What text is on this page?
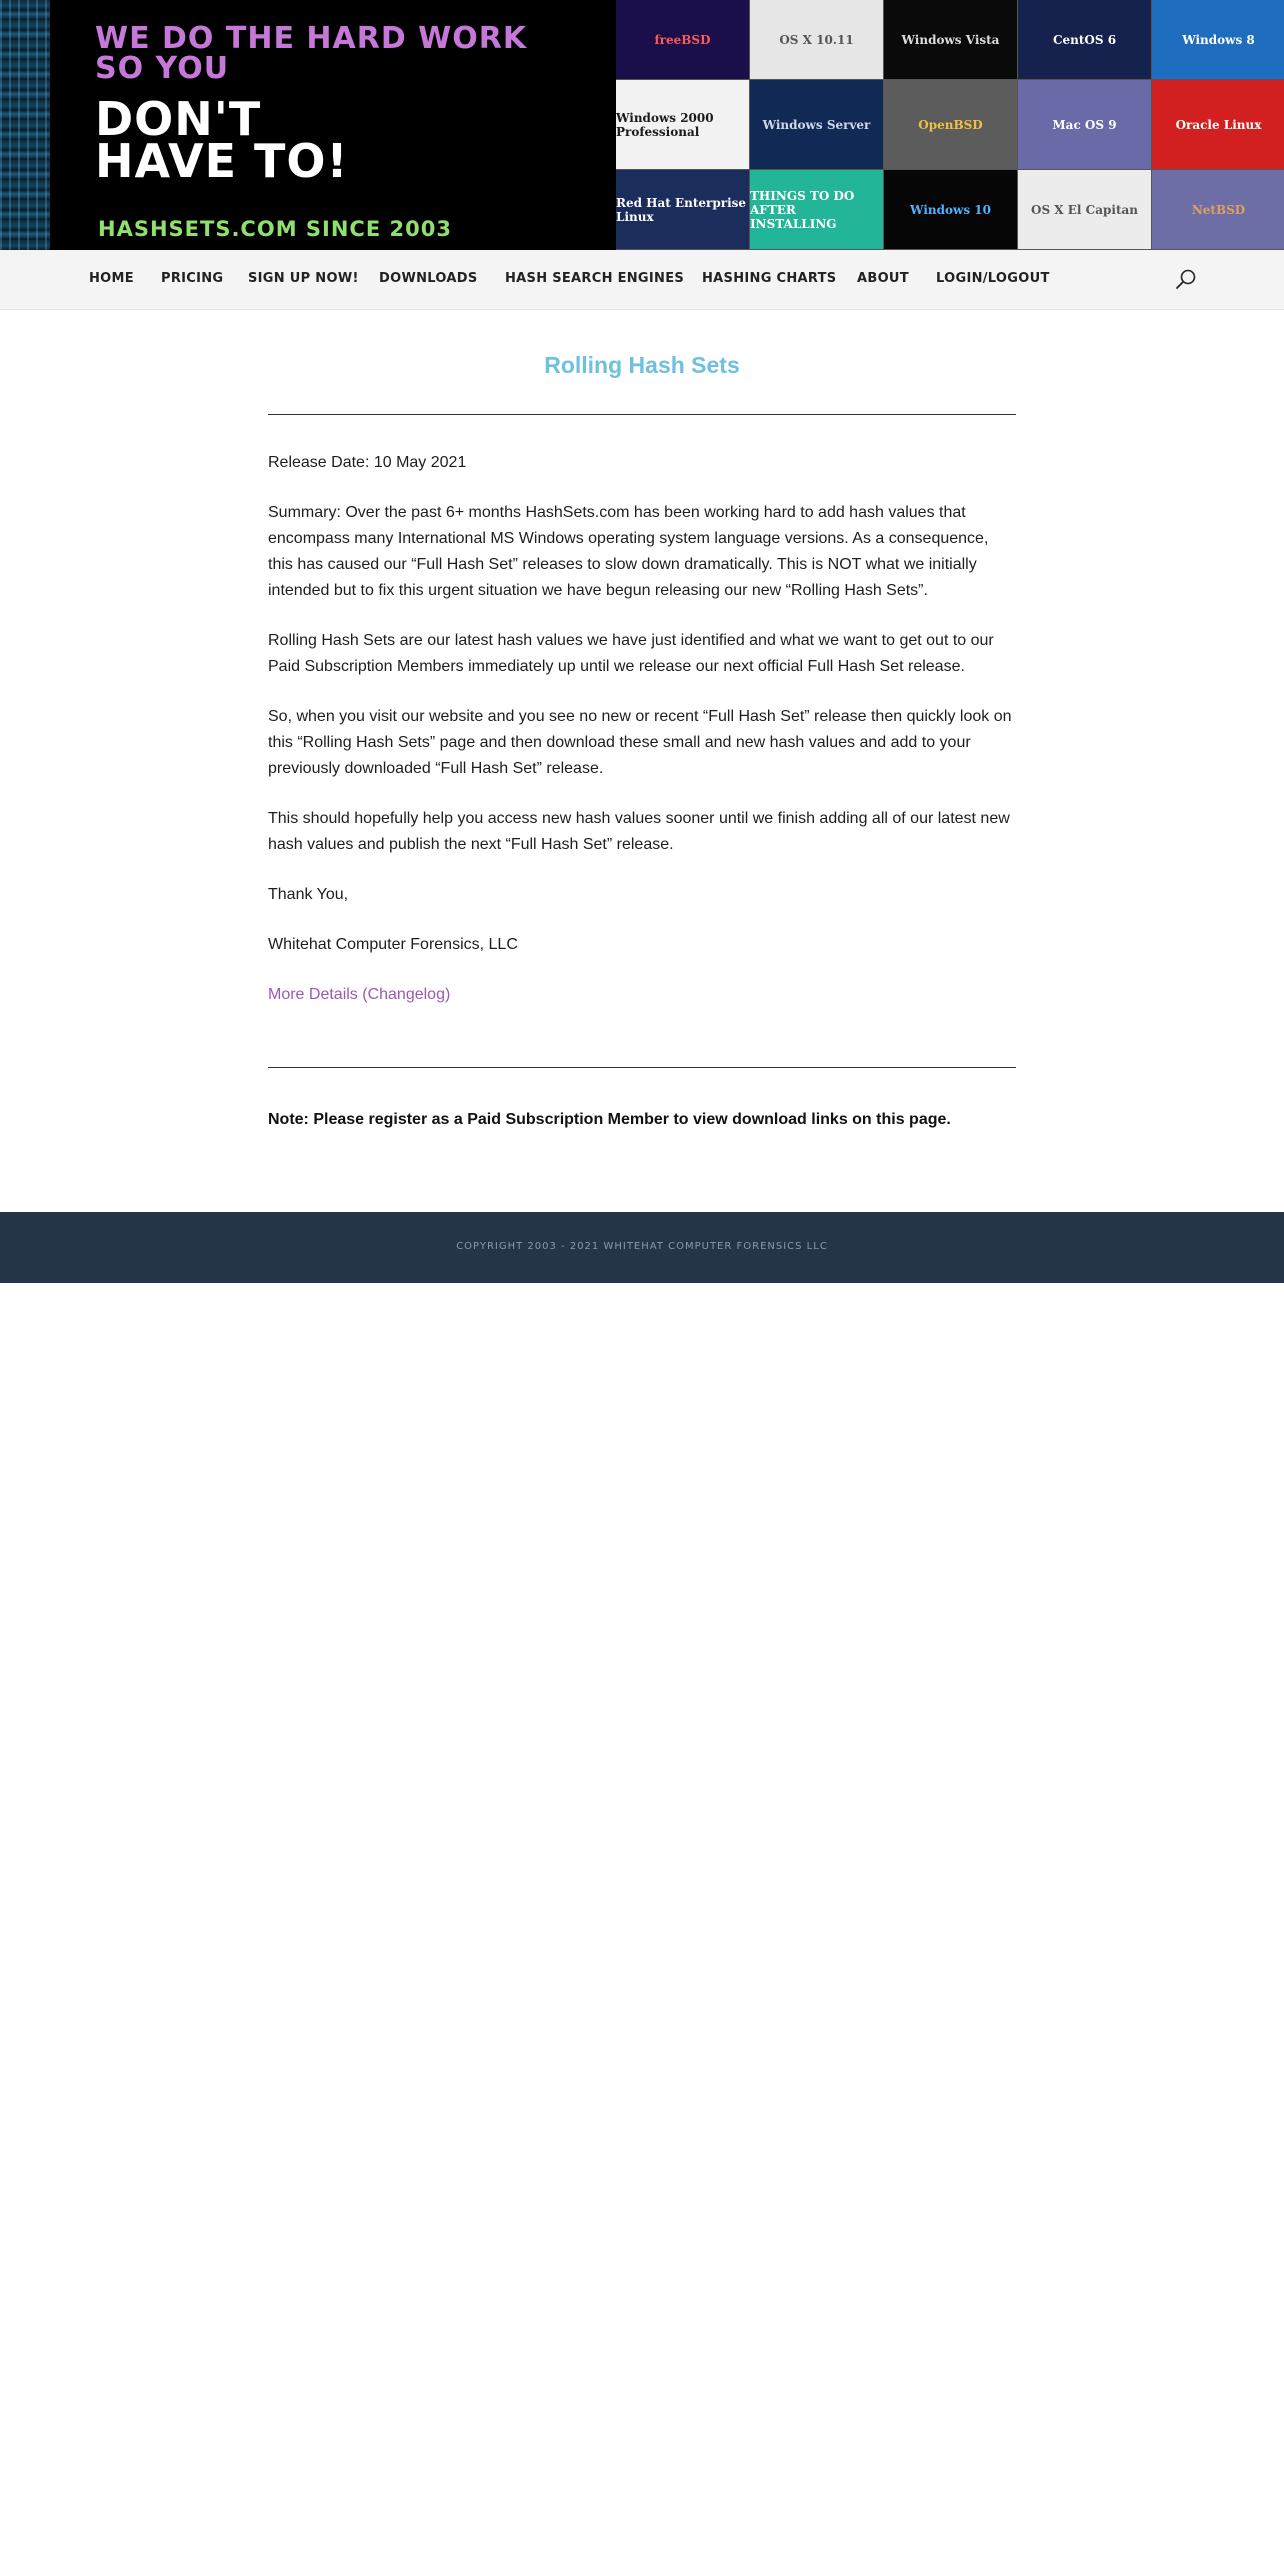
WE DO THE HARD WORK
SO YOU
DON'T
HAVE TO!
HASHSETS.COM SINCE 2003
freeBSD	OS X 10.11	Windows Vista	CentOS 6	Windows 8
Windows 2000 Professional	Windows Server	OpenBSD	Mac OS 9	Oracle Linux
Red Hat Enterprise Linux
THINGS TO DO AFTER INSTALLING
Windows 10	OS X El Capitan	NetBSD
HOME PRICING SIGN UP NOW! DOWNLOADS HASH SEARCH ENGINES HASHING CHARTS ABOUT LOGIN/LOGOUT
Rolling Hash Sets

Release Date: 10 May 2021

Summary: Over the past 6+ months HashSets.com has been working hard to add hash values that encompass many International MS Windows operating system language versions. As a consequence, this has caused our “Full Hash Set” releases to slow down dramatically. This is NOT what we initially intended but to fix this urgent situation we have begun releasing our new “Rolling Hash Sets”.

Rolling Hash Sets are our latest hash values we have just identified and what we want to get out to our Paid Subscription Members immediately up until we release our next official Full Hash Set release.

So, when you visit our website and you see no new or recent “Full Hash Set” release then quickly look on this “Rolling Hash Sets” page and then download these small and new hash values and add to your previously downloaded “Full Hash Set” release.

This should hopefully help you access new hash values sooner until we finish adding all of our latest new hash values and publish the next “Full Hash Set” release.

Thank You,

Whitehat Computer Forensics, LLC

More Details (Changelog)

Note: Please register as a Paid Subscription Member to view download links on this page.

COPYRIGHT 2003 - 2021 WHITEHAT COMPUTER FORENSICS LLC
